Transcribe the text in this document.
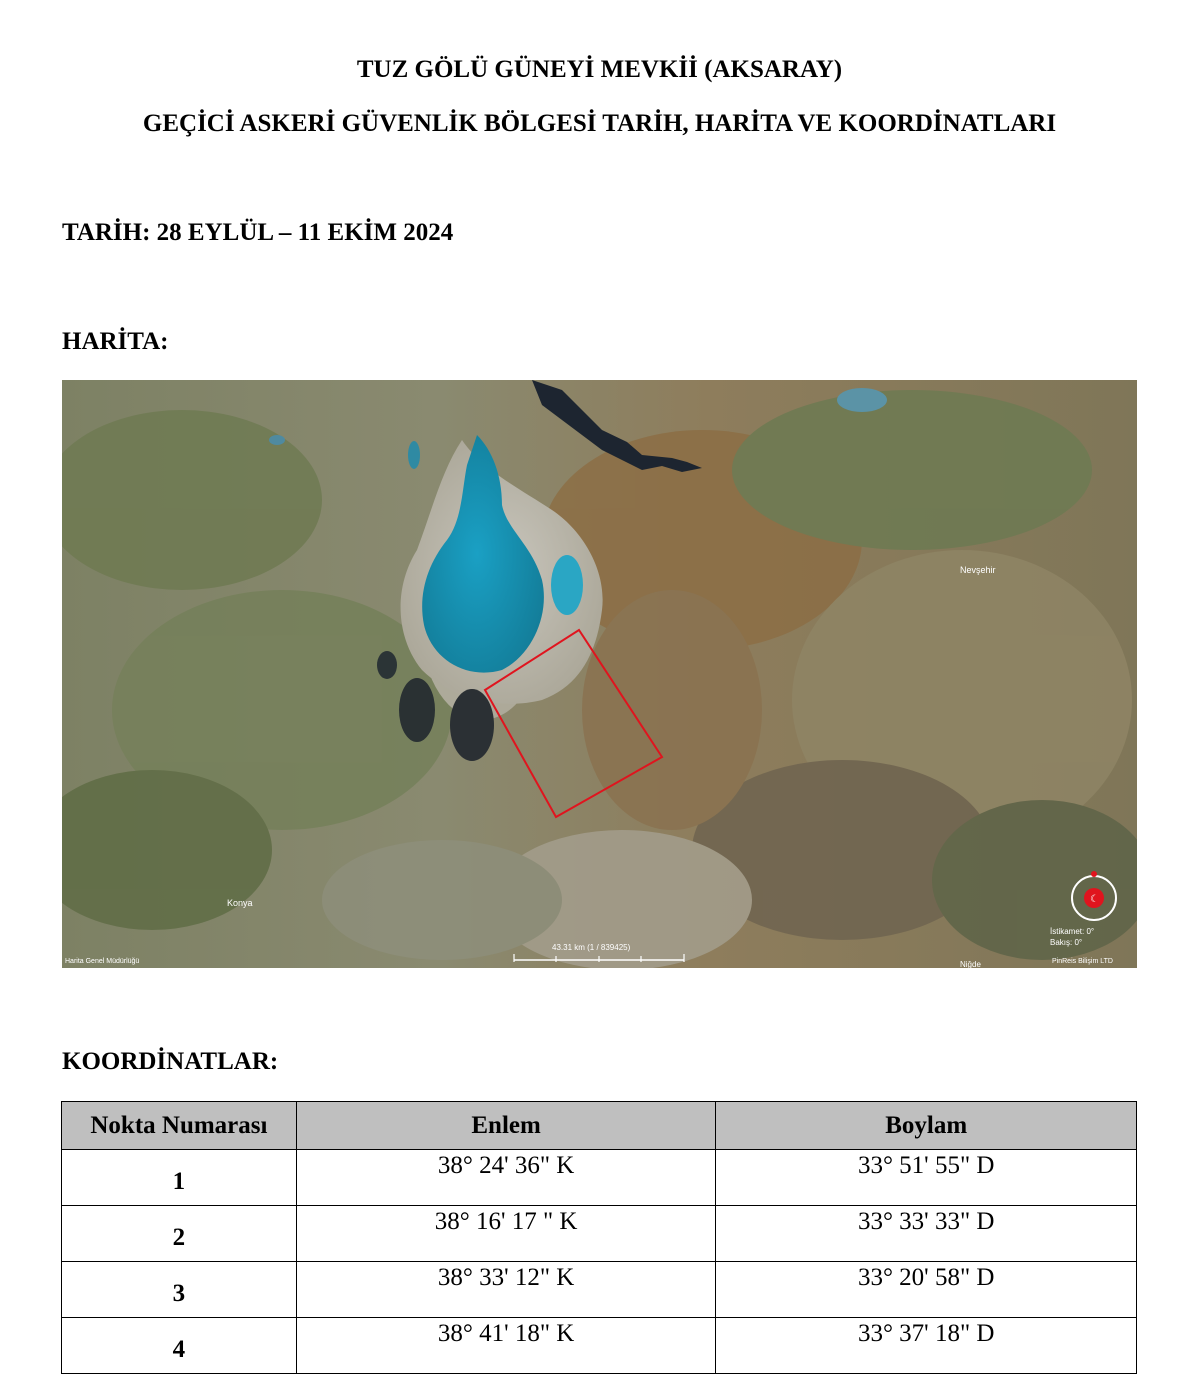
TUZ GÖLÜ GÜNEYİ MEVKİİ (AKSARAY)
GEÇİCİ ASKERİ GÜVENLİK BÖLGESİ TARİH, HARİTA VE KOORDİNATLARI
TARİH: 28 EYLÜL – 11 EKİM 2024
HARİTA:
Nevşehir
Konya
Niğde
Harita Genel Müdürlüğü	PinReis Bilişim LTD
43.31 km (1 / 839425)
☾
İstikamet: 0°
Bakış: 0°
KOORDİNATLAR:
Nokta Numarası	Enlem	Boylam
1	38° 24' 36" K	33° 51' 55" D
2	38° 16' 17 " K	33° 33' 33" D
3	38° 33' 12" K	33° 20' 58" D
4	38° 41' 18" K	33° 37' 18" D
